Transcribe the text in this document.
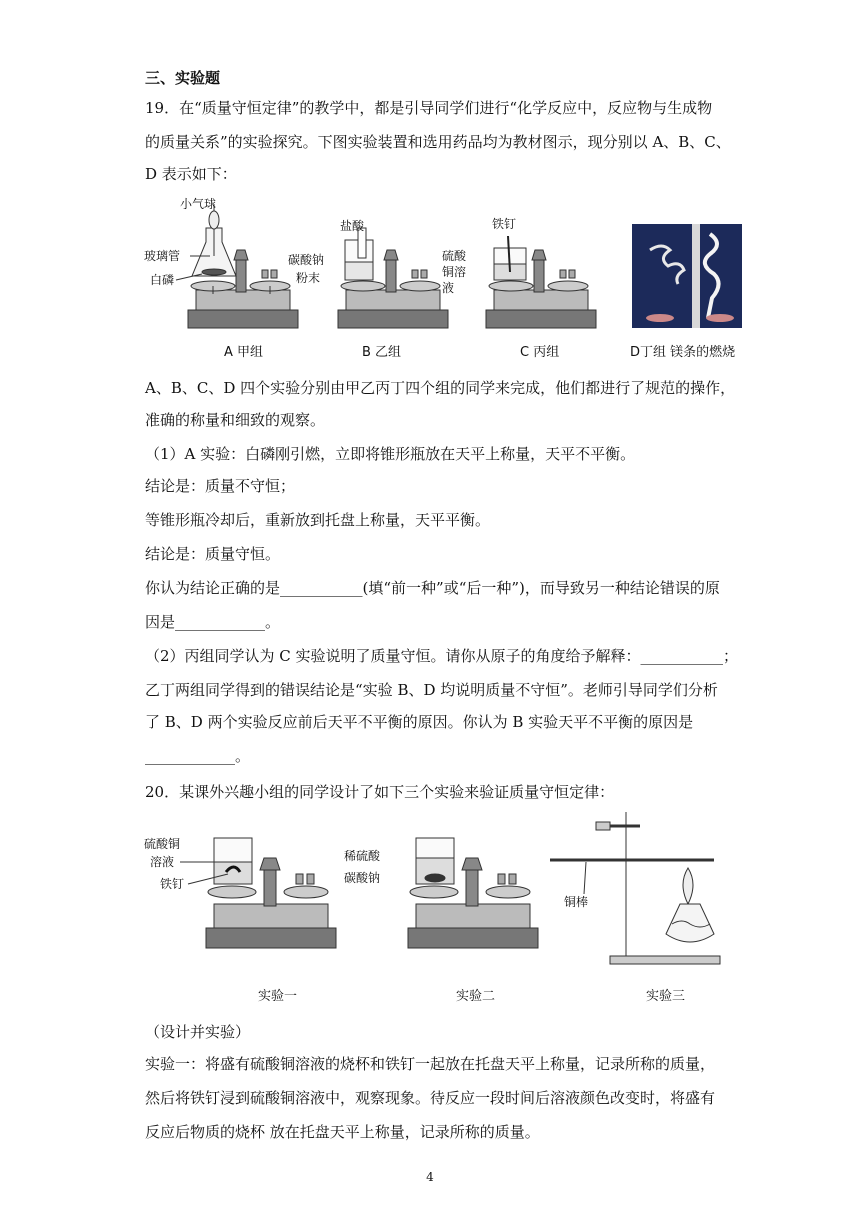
三、实验题
19．在“质量守恒定律”的教学中，都是引导同学们进行“化学反应中，反应物与生成物
的质量关系”的实验探究。下图实验装置和选用药品均为教材图示，现分别以 A、B、C、
D 表示如下：
小气球
玻璃管
白磷
盐酸
碳酸钠
粉末
铁钉
硫酸
铜溶
液
A 甲组	B 乙组	C 丙组	D丁组 镁条的燃烧
A、B、C、D 四个实验分别由甲乙丙丁四个组的同学来完成，他们都进行了规范的操作，
准确的称量和细致的观察。
（1）A 实验：白磷刚引燃，立即将锥形瓶放在天平上称量，天平不平衡。
结论是：质量不守恒；
等锥形瓶冷却后，重新放到托盘上称量，天平平衡。
结论是：质量守恒。
你认为结论正确的是___________(填“前一种”或“后一种”)，而导致另一种结论错误的原
因是____________。
（2）丙组同学认为 C 实验说明了质量守恒。请你从原子的角度给予解释：___________；
乙丁两组同学得到的错误结论是“实验 B、D 均说明质量不守恒”。老师引导同学们分析
了 B、D 两个实验反应前后天平不平衡的原因。你认为 B 实验天平不平衡的原因是
____________。
20．某课外兴趣小组的同学设计了如下三个实验来验证质量守恒定律：
硫酸铜
溶液
铁钉
稀硫酸
碳酸钠
铜棒
实验一	实验二	实验三
（设计并实验）
实验一：将盛有硫酸铜溶液的烧杯和铁钉一起放在托盘天平上称量，记录所称的质量，
然后将铁钉浸到硫酸铜溶液中，观察现象。待反应一段时间后溶液颜色改变时，将盛有
反应后物质的烧杯 放在托盘天平上称量，记录所称的质量。
4
